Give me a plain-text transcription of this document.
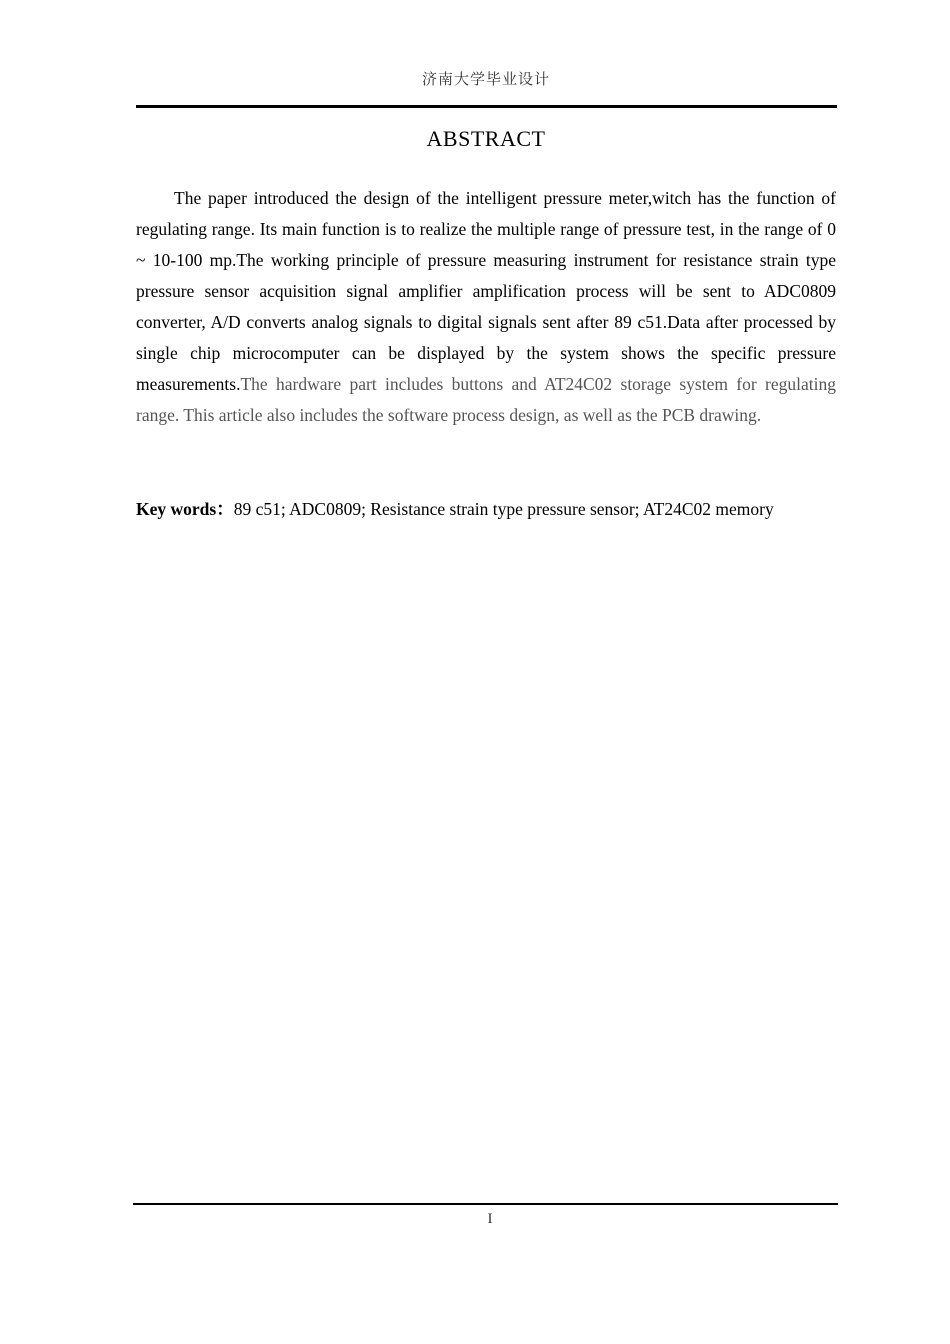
济南大学毕业设计
ABSTRACT

The paper introduced the design of the intelligent pressure meter,witch has the function of regulating range. Its main function is to realize the multiple range of pressure test, in the range of 0 ~ 10-100 mp.The working principle of pressure measuring instrument for resistance strain type pressure sensor acquisition signal amplifier amplification process will be sent to ADC0809 converter, A/D converts analog signals to digital signals sent after 89 c51.Data after processed by single chip microcomputer can be displayed by the system shows the specific pressure measurements.The hardware part includes buttons and AT24C02 storage system for regulating range. This article also includes the software process design, as well as the PCB drawing.

Key words：89 c51; ADC0809; Resistance strain type pressure sensor; AT24C02 memory

I
